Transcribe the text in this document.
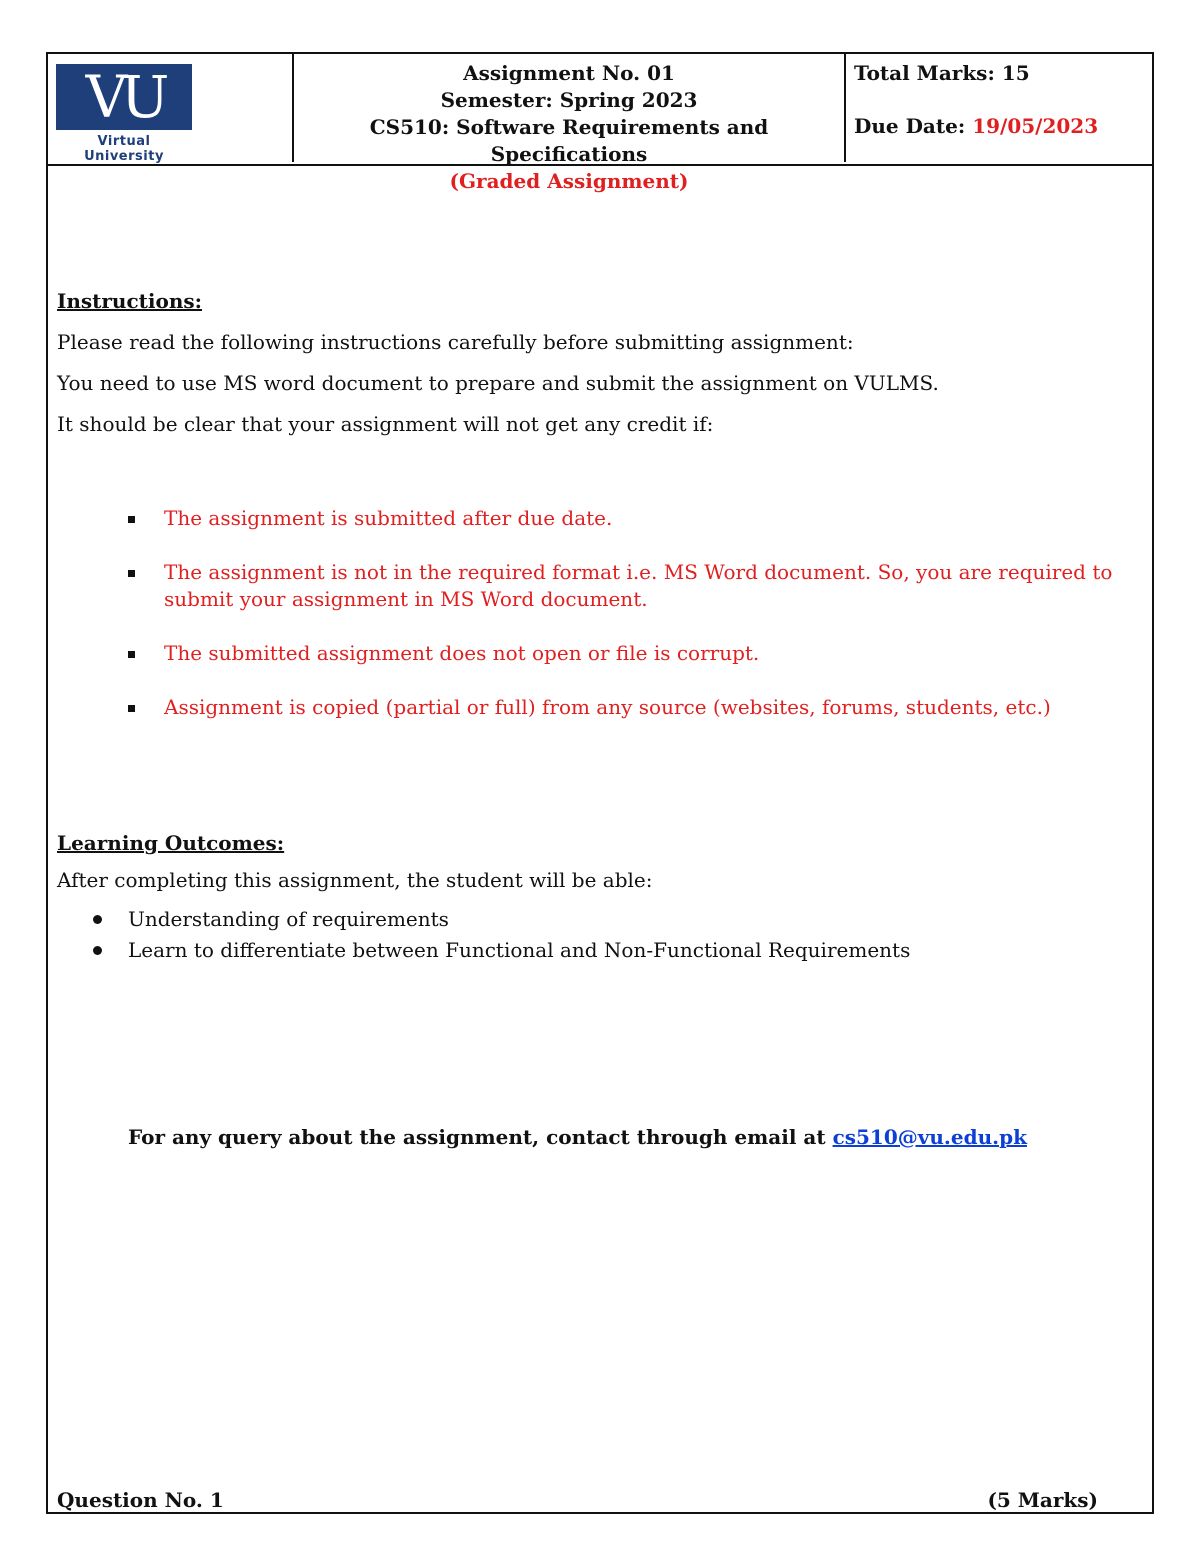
VU
Virtual University
Assignment No. 01
Semester: Spring 2023
CS510: Software Requirements and Specifications
(Graded Assignment)
Total Marks: 15
Due Date: 19/05/2023
Instructions:
Please read the following instructions carefully before submitting assignment:
You need to use MS word document to prepare and submit the assignment on VULMS.
It should be clear that your assignment will not get any credit if:
The assignment is submitted after due date.
The assignment is not in the required format i.e. MS Word document. So, you are required to submit your assignment in MS Word document.
The submitted assignment does not open or file is corrupt.
Assignment is copied (partial or full) from any source (websites, forums, students, etc.)
Learning Outcomes:
After completing this assignment, the student will be able:
Understanding of requirements
Learn to differentiate between Functional and Non-Functional Requirements
For any query about the assignment, contact through email at cs510@vu.edu.pk
Question No. 1	(5 Marks)
